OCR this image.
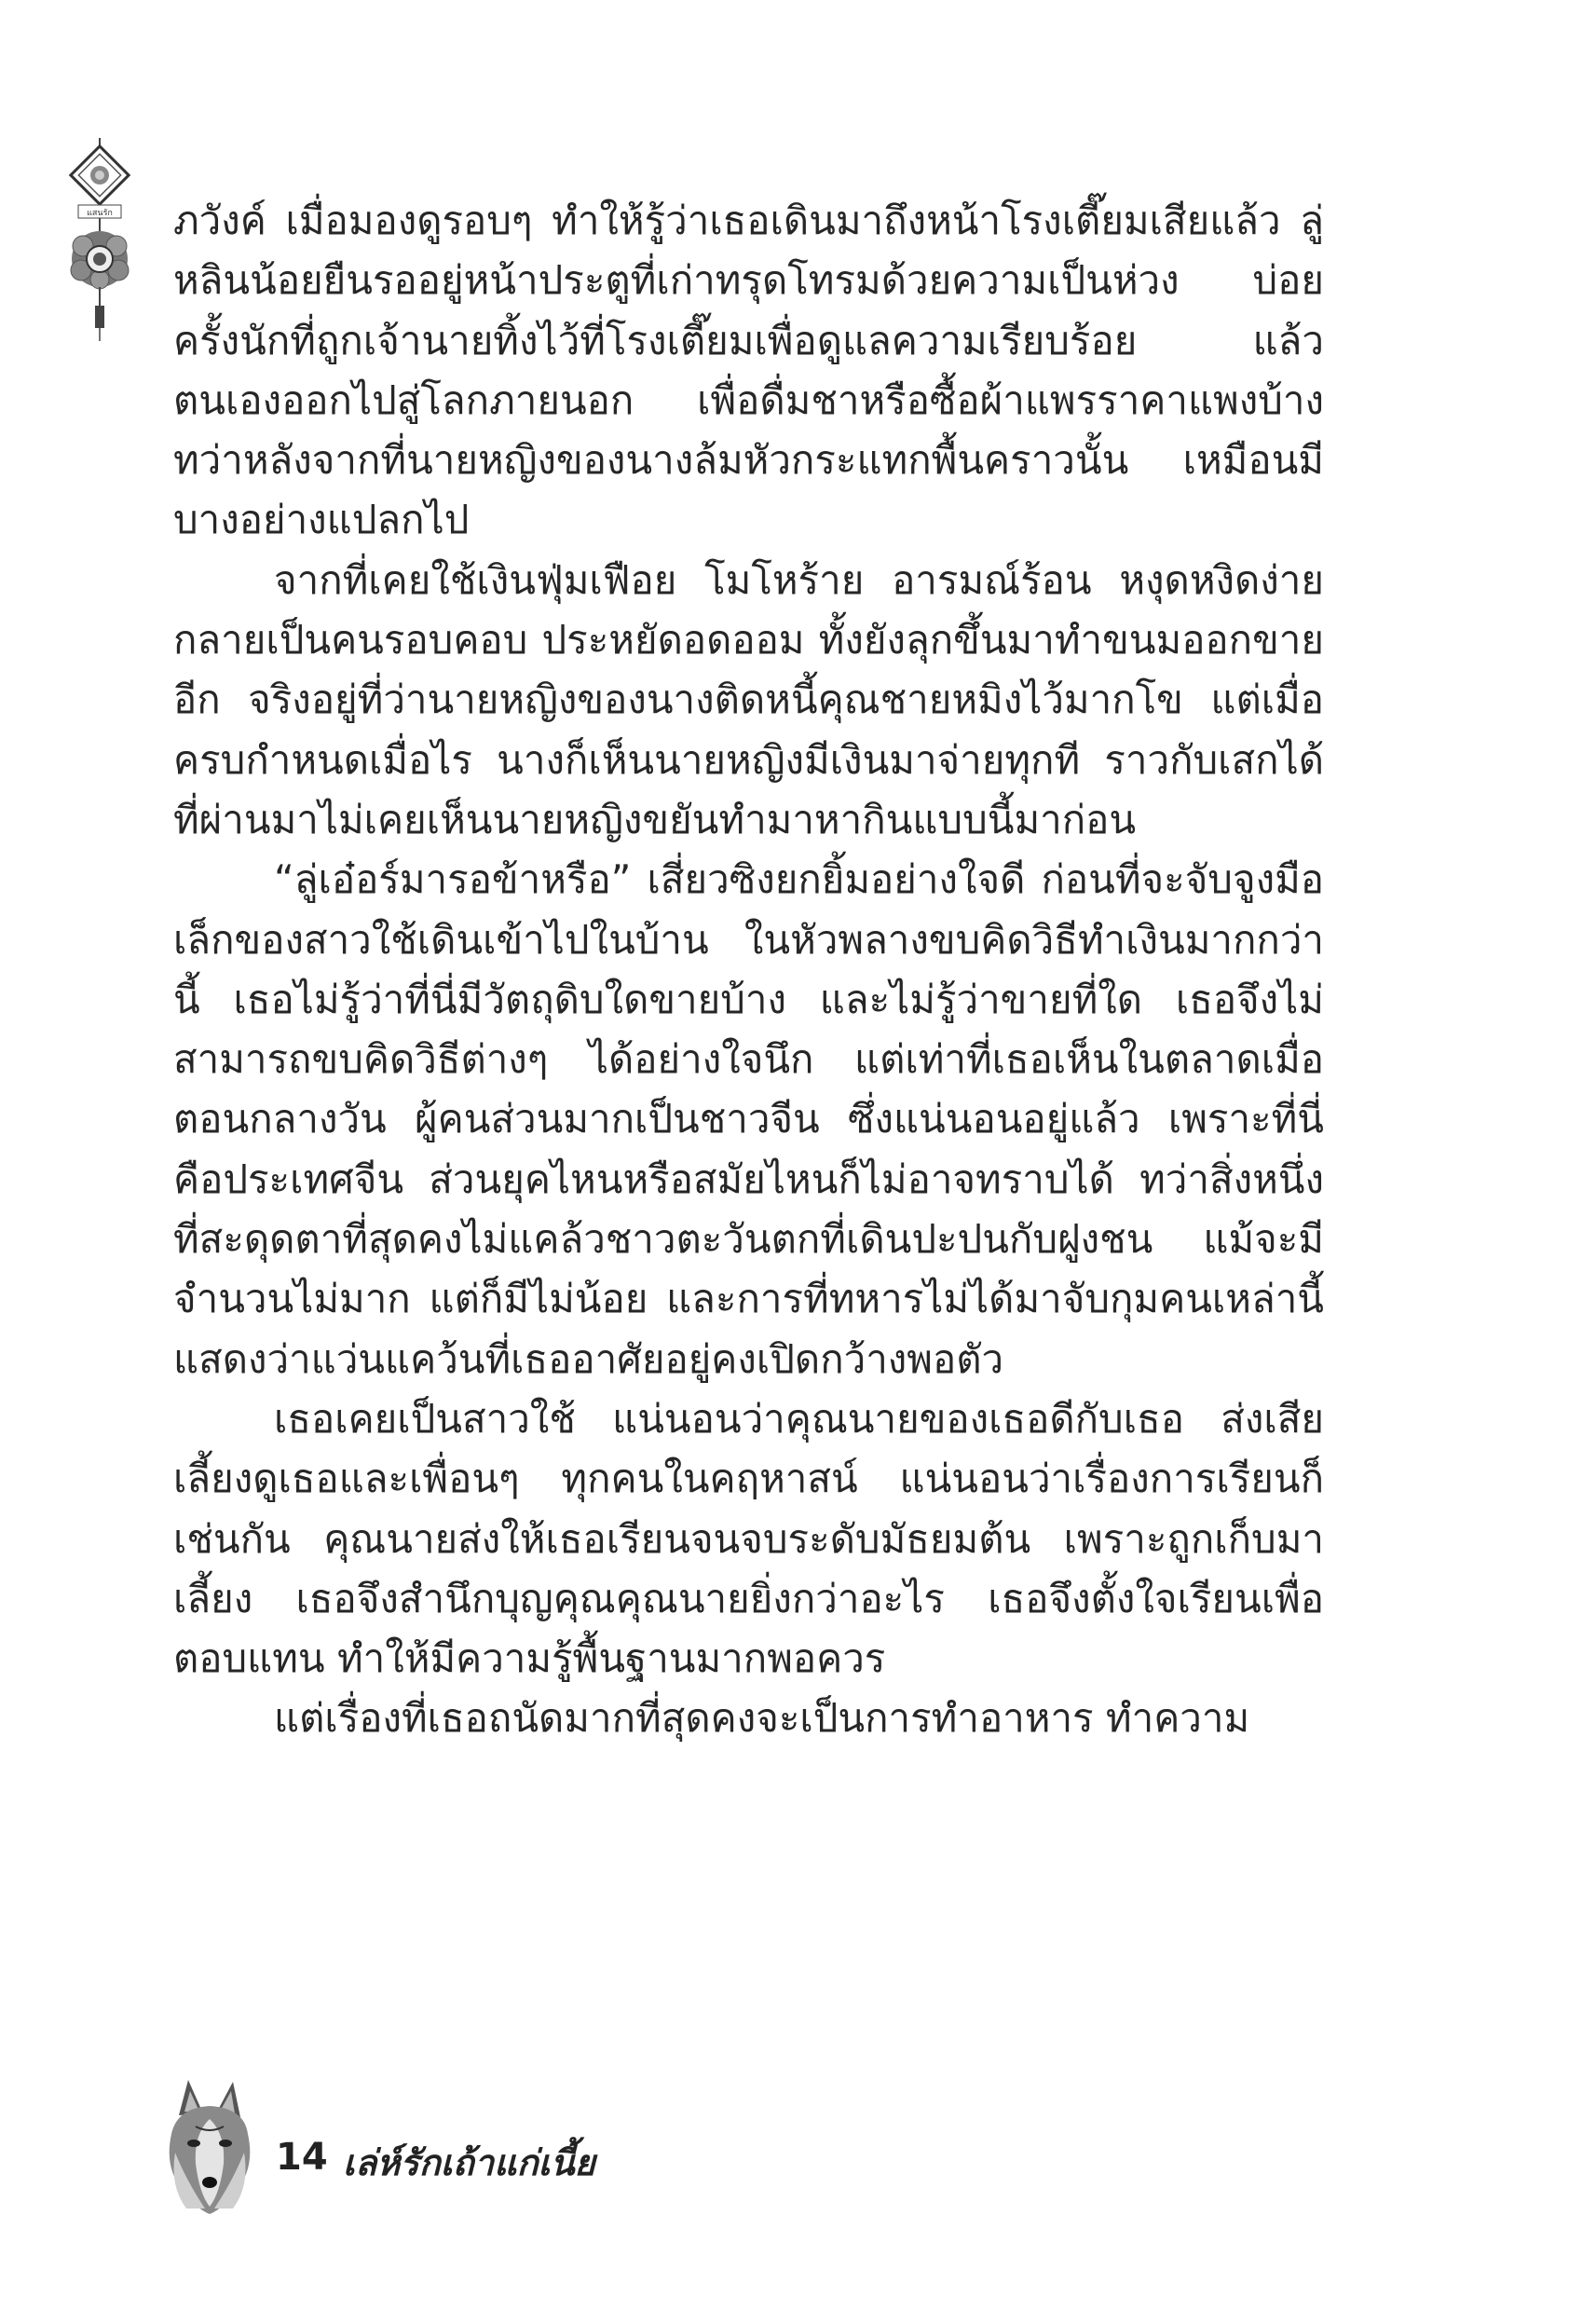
แสนรัก ภวังค์ เมื่อมองดูรอบๆ ทำให้รู้ว่าเธอเดินมาถึงหน้าโรงเตี๊ยมเสียแล้ว ลู่หลินน้อยยืนรออยู่หน้าประตูที่เก่าทรุดโทรมด้วยความเป็นห่วง บ่อยครั้งนักที่ถูกเจ้านายทิ้งไว้ที่โรงเตี๊ยมเพื่อดูแลความเรียบร้อย แล้วตนเองออกไปสู่โลกภายนอก เพื่อดื่มชาหรือซื้อผ้าแพรราคาแพงบ้าง ทว่าหลังจากที่นายหญิงของนางล้มหัวกระแทกพื้นคราวนั้น เหมือนมีบางอย่างแปลกไป

จากที่เคยใช้เงินฟุ่มเฟือย โมโหร้าย อารมณ์ร้อน หงุดหงิดง่าย กลายเป็นคนรอบคอบ ประหยัดอดออม ทั้งยังลุกขึ้นมาทำขนมออกขายอีก จริงอยู่ที่ว่านายหญิงของนางติดหนี้คุณชายหมิงไว้มากโข แต่เมื่อครบกำหนดเมื่อไร นางก็เห็นนายหญิงมีเงินมาจ่ายทุกที ราวกับเสกได้ ที่ผ่านมาไม่เคยเห็นนายหญิงขยันทำมาหากินแบบนี้มาก่อน

“ลู่เอ๋อร์มารอข้าหรือ” เสี่ยวซิงยกยิ้มอย่างใจดี ก่อนที่จะจับจูงมือเล็กของสาวใช้เดินเข้าไปในบ้าน ในหัวพลางขบคิดวิธีทำเงินมากกว่านี้ เธอไม่รู้ว่าที่นี่มีวัตถุดิบใดขายบ้าง และไม่รู้ว่าขายที่ใด เธอจึงไม่สามารถขบคิดวิธีต่างๆ ได้อย่างใจนึก แต่เท่าที่เธอเห็นในตลาดเมื่อตอนกลางวัน ผู้คนส่วนมากเป็นชาวจีน ซึ่งแน่นอนอยู่แล้ว เพราะที่นี่คือประเทศจีน ส่วนยุคไหนหรือสมัยไหนก็ไม่อาจทราบได้ ทว่าสิ่งหนึ่งที่สะดุดตาที่สุดคงไม่แคล้วชาวตะวันตกที่เดินปะปนกับฝูงชน แม้จะมีจำนวนไม่มาก แต่ก็มีไม่น้อย และการที่ทหารไม่ได้มาจับกุมคนเหล่านี้ แสดงว่าแว่นแคว้นที่เธออาศัยอยู่คงเปิดกว้างพอตัว

เธอเคยเป็นสาวใช้ แน่นอนว่าคุณนายของเธอดีกับเธอ ส่งเสียเลี้ยงดูเธอและเพื่อนๆ ทุกคนในคฤหาสน์ แน่นอนว่าเรื่องการเรียนก็เช่นกัน คุณนายส่งให้เธอเรียนจนจบระดับมัธยมต้น เพราะถูกเก็บมาเลี้ยง เธอจึงสำนึกบุญคุณคุณนายยิ่งกว่าอะไร เธอจึงตั้งใจเรียนเพื่อตอบแทน ทำให้มีความรู้พื้นฐานมากพอควร

แต่เรื่องที่เธอถนัดมากที่สุดคงจะเป็นการทำอาหาร ทำความ

14 เล่ห์รักเถ้าแก่เนี้ย
